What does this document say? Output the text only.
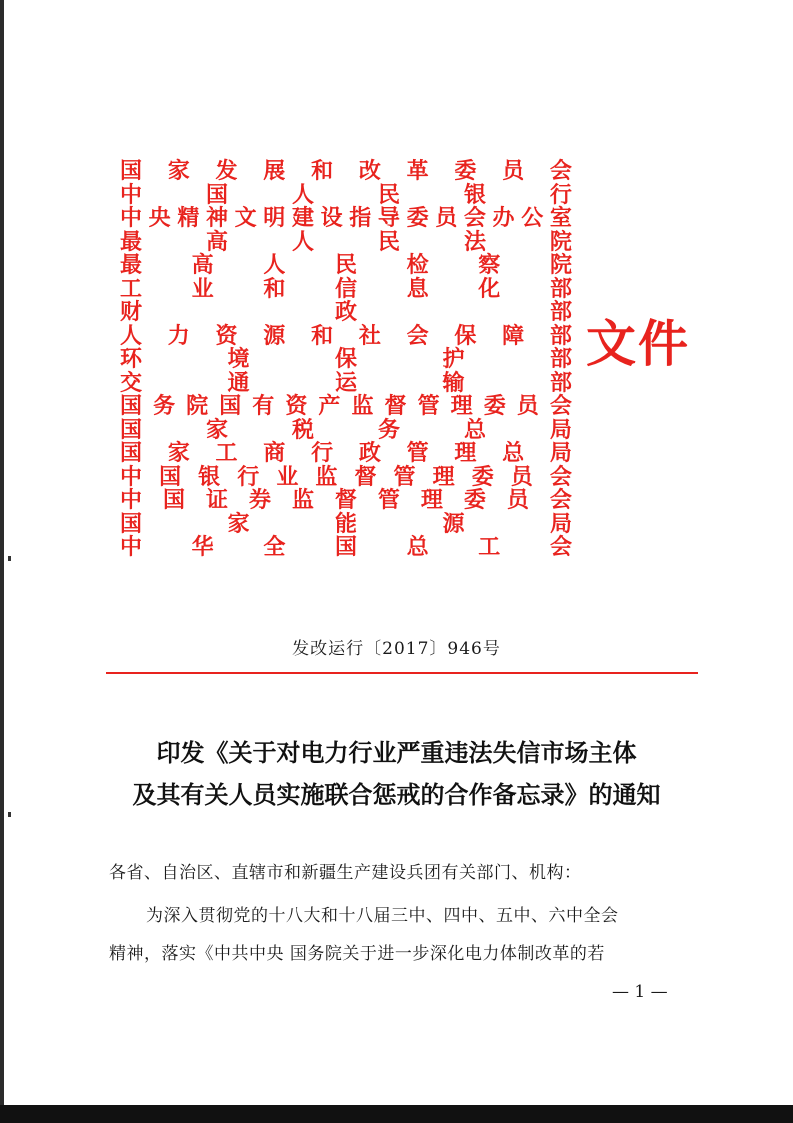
国 家 发 展 和 改 革 委 员 会
中	国	人	民	银	行
中 央 精 神 文 明 建 设 指 导 委 员 会 办 公 室
最	高	人	民	法	院
最 高 人 民 检 察 院
工 业 和 信 息 化 部
财	政	部
人 力 资 源 和 社 会 保 障 部
环	境	保	护	部
交	通	运	输	部
国 务 院 国 有 资 产 监 督 管 理 委 员 会
国	家	税	务	总	局
国 家 工 商 行 政 管 理 总 局
中 国 银 行 业 监 督 管 理 委 员 会
中 国 证 券 监 督 管 理 委 员 会
国	家	能	源	局
中 华 全 国 总 工 会
文件
发改运行〔2017〕946号
印发《关于对电力行业严重违法失信市场主体
及其有关人员实施联合惩戒的合作备忘录》的通知
各省、自治区、直辖市和新疆生产建设兵团有关部门、机构：
为深入贯彻党的十八大和十八届三中、四中、五中、六中全会
精神，落实《中共中央 国务院关于进一步深化电力体制改革的若
— 1 —
